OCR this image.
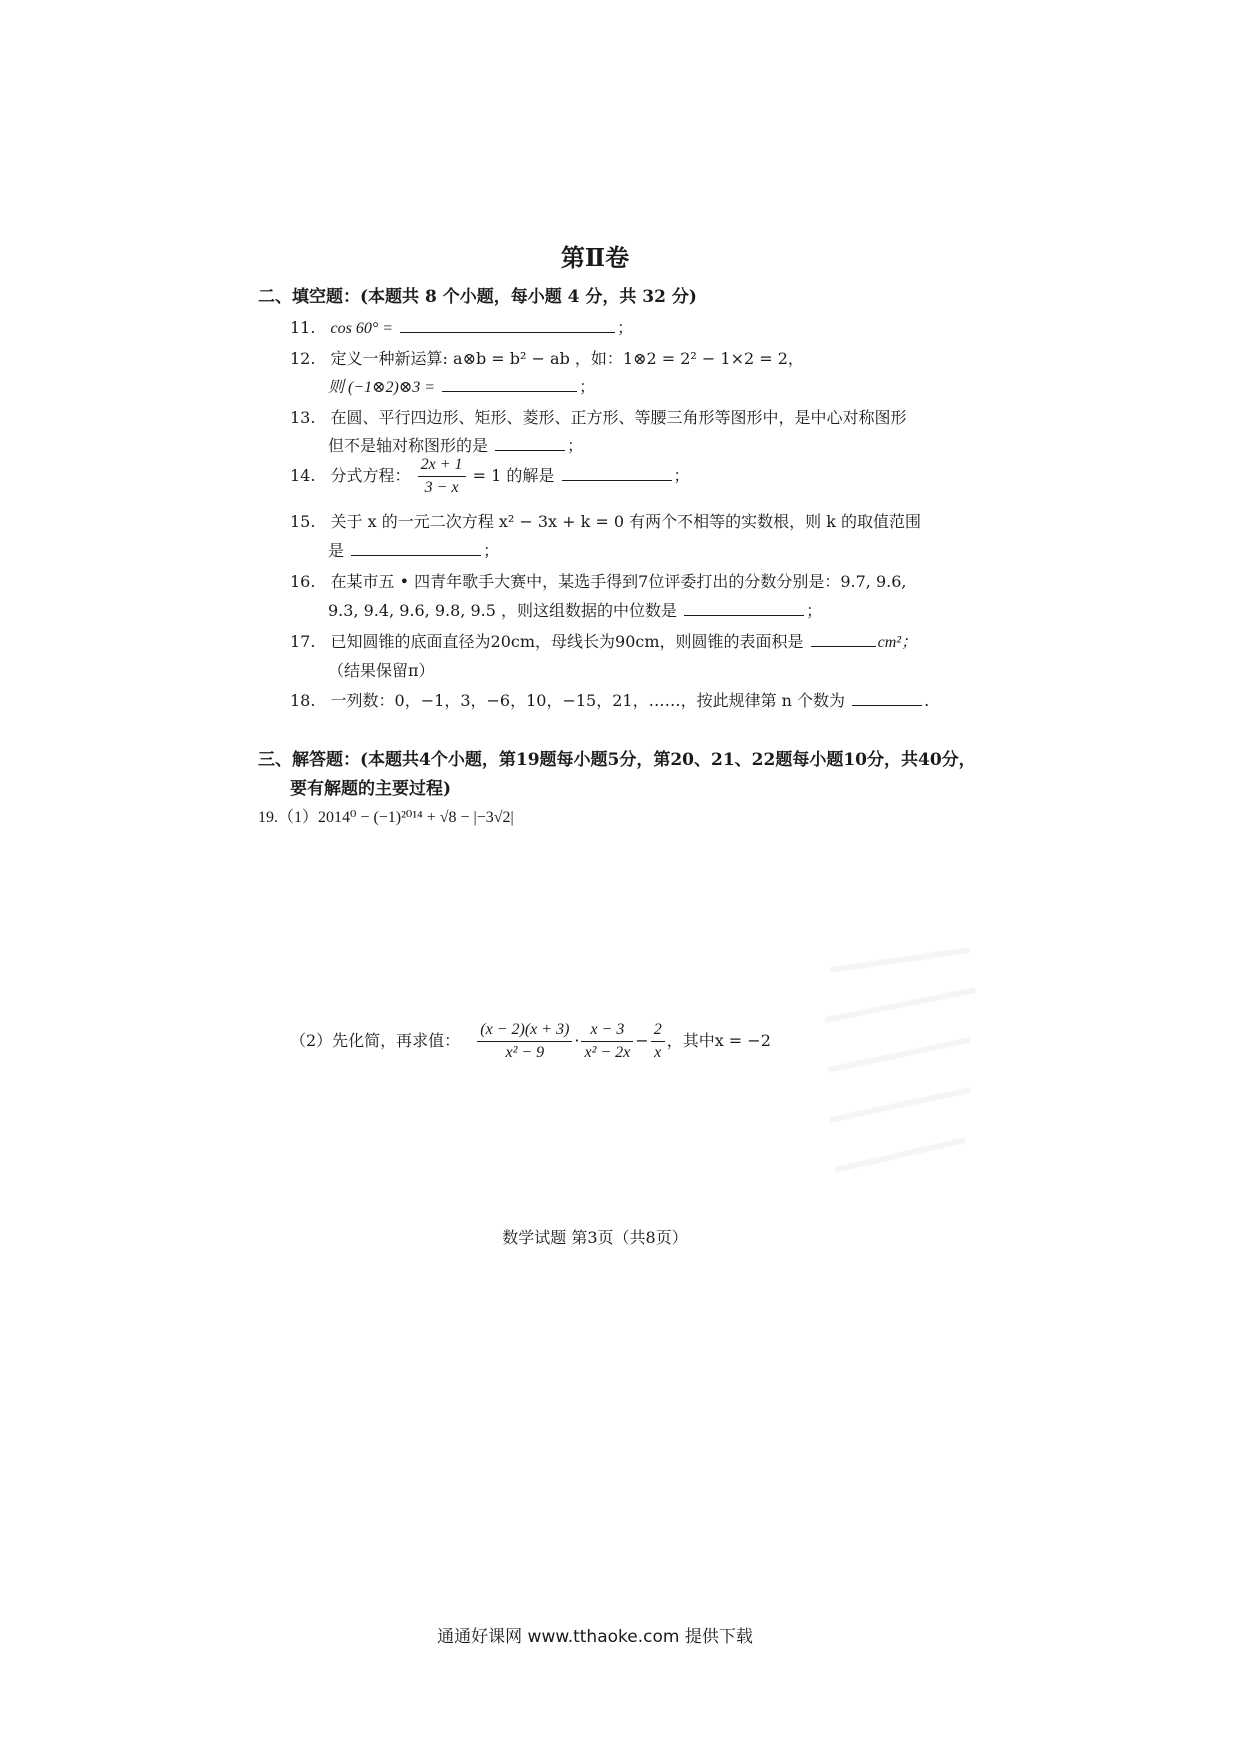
第Ⅱ卷
二、填空题：(本题共 8 个小题，每小题 4 分，共 32 分)
11. cos 60° =	；
12. 定义一种新运算: a⊗b = b² − ab ，如：1⊗2 = 2² − 1×2 = 2，
则 (−1⊗2)⊗3 =	；
13. 在圆、平行四边形、矩形、菱形、正方形、等腰三角形等图形中，是中心对称图形
但不是轴对称图形的是	；
14. 分式方程： $\frac{2x + 1}{3 - x} = 1$ 的解是	；
15. 关于 x 的一元二次方程 x² − 3x + k = 0 有两个不相等的实数根，则 k 的取值范围
是	；
16. 在某市五 • 四青年歌手大赛中，某选手得到7位评委打出的分数分别是：9.7, 9.6,
9.3, 9.4, 9.6, 9.8, 9.5 ，则这组数据的中位数是	；
17. 已知圆锥的底面直径为20cm，母线长为90cm，则圆锥的表面积是	cm²；
（结果保留π）
18. 一列数：0，−1，3，−6，10，−15，21，……，按此规律第 n 个数为	.
三、解答题：(本题共4个小题，第19题每小题5分，第20、21、22题每小题10分，共40分，
要有解题的主要过程)
19.（1）2014⁰ − (−1)²⁰¹⁴ + √8 − |−3√2|
（2）先化简，再求值： $\frac{(x - 2)(x + 3)}{\text{x² − 9}} \cdot \frac{x - 3}{\text{x² − 2x}} - \frac{2}{x}$ ，其中x = −2
数学试题 第3页（共8页）
通通好课网 www.tthaoke.com 提供下载
